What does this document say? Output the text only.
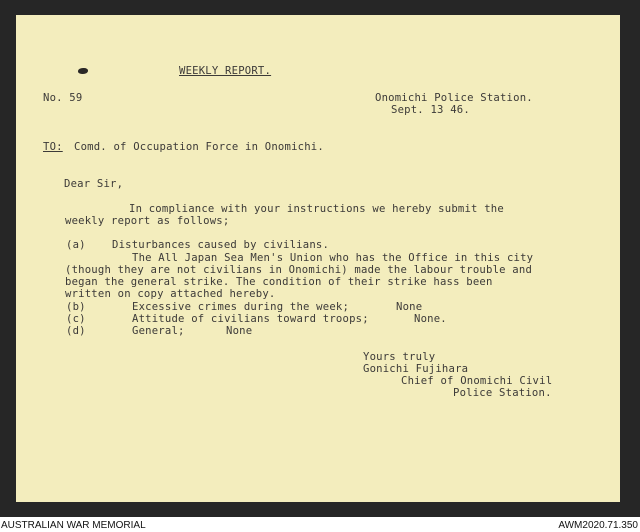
WEEKLY REPORT.
No. 59	Onomichi Police Station.
Sept. 13 46.
TO: Comd. of Occupation Force in Onomichi.
Dear Sir,
In compliance with your instructions we hereby submit the
weekly report as follows;
(a) Disturbances caused by civilians.
The All Japan Sea Men's Union who has the Office in this city
(though they are not civilians in Onomichi) made the labour trouble and
began the general strike. The condition of their strike hass been
written on copy attached hereby.
(b)	Excessive crimes during the week;	None
(c)	Attitude of civilians toward troops;	None.
(d)	General;	None
Yours truly
Gonichi Fujihara
Chief of Onomichi Civil
Police Station.
AUSTRALIAN WAR MEMORIAL	AWM2020.71.350
